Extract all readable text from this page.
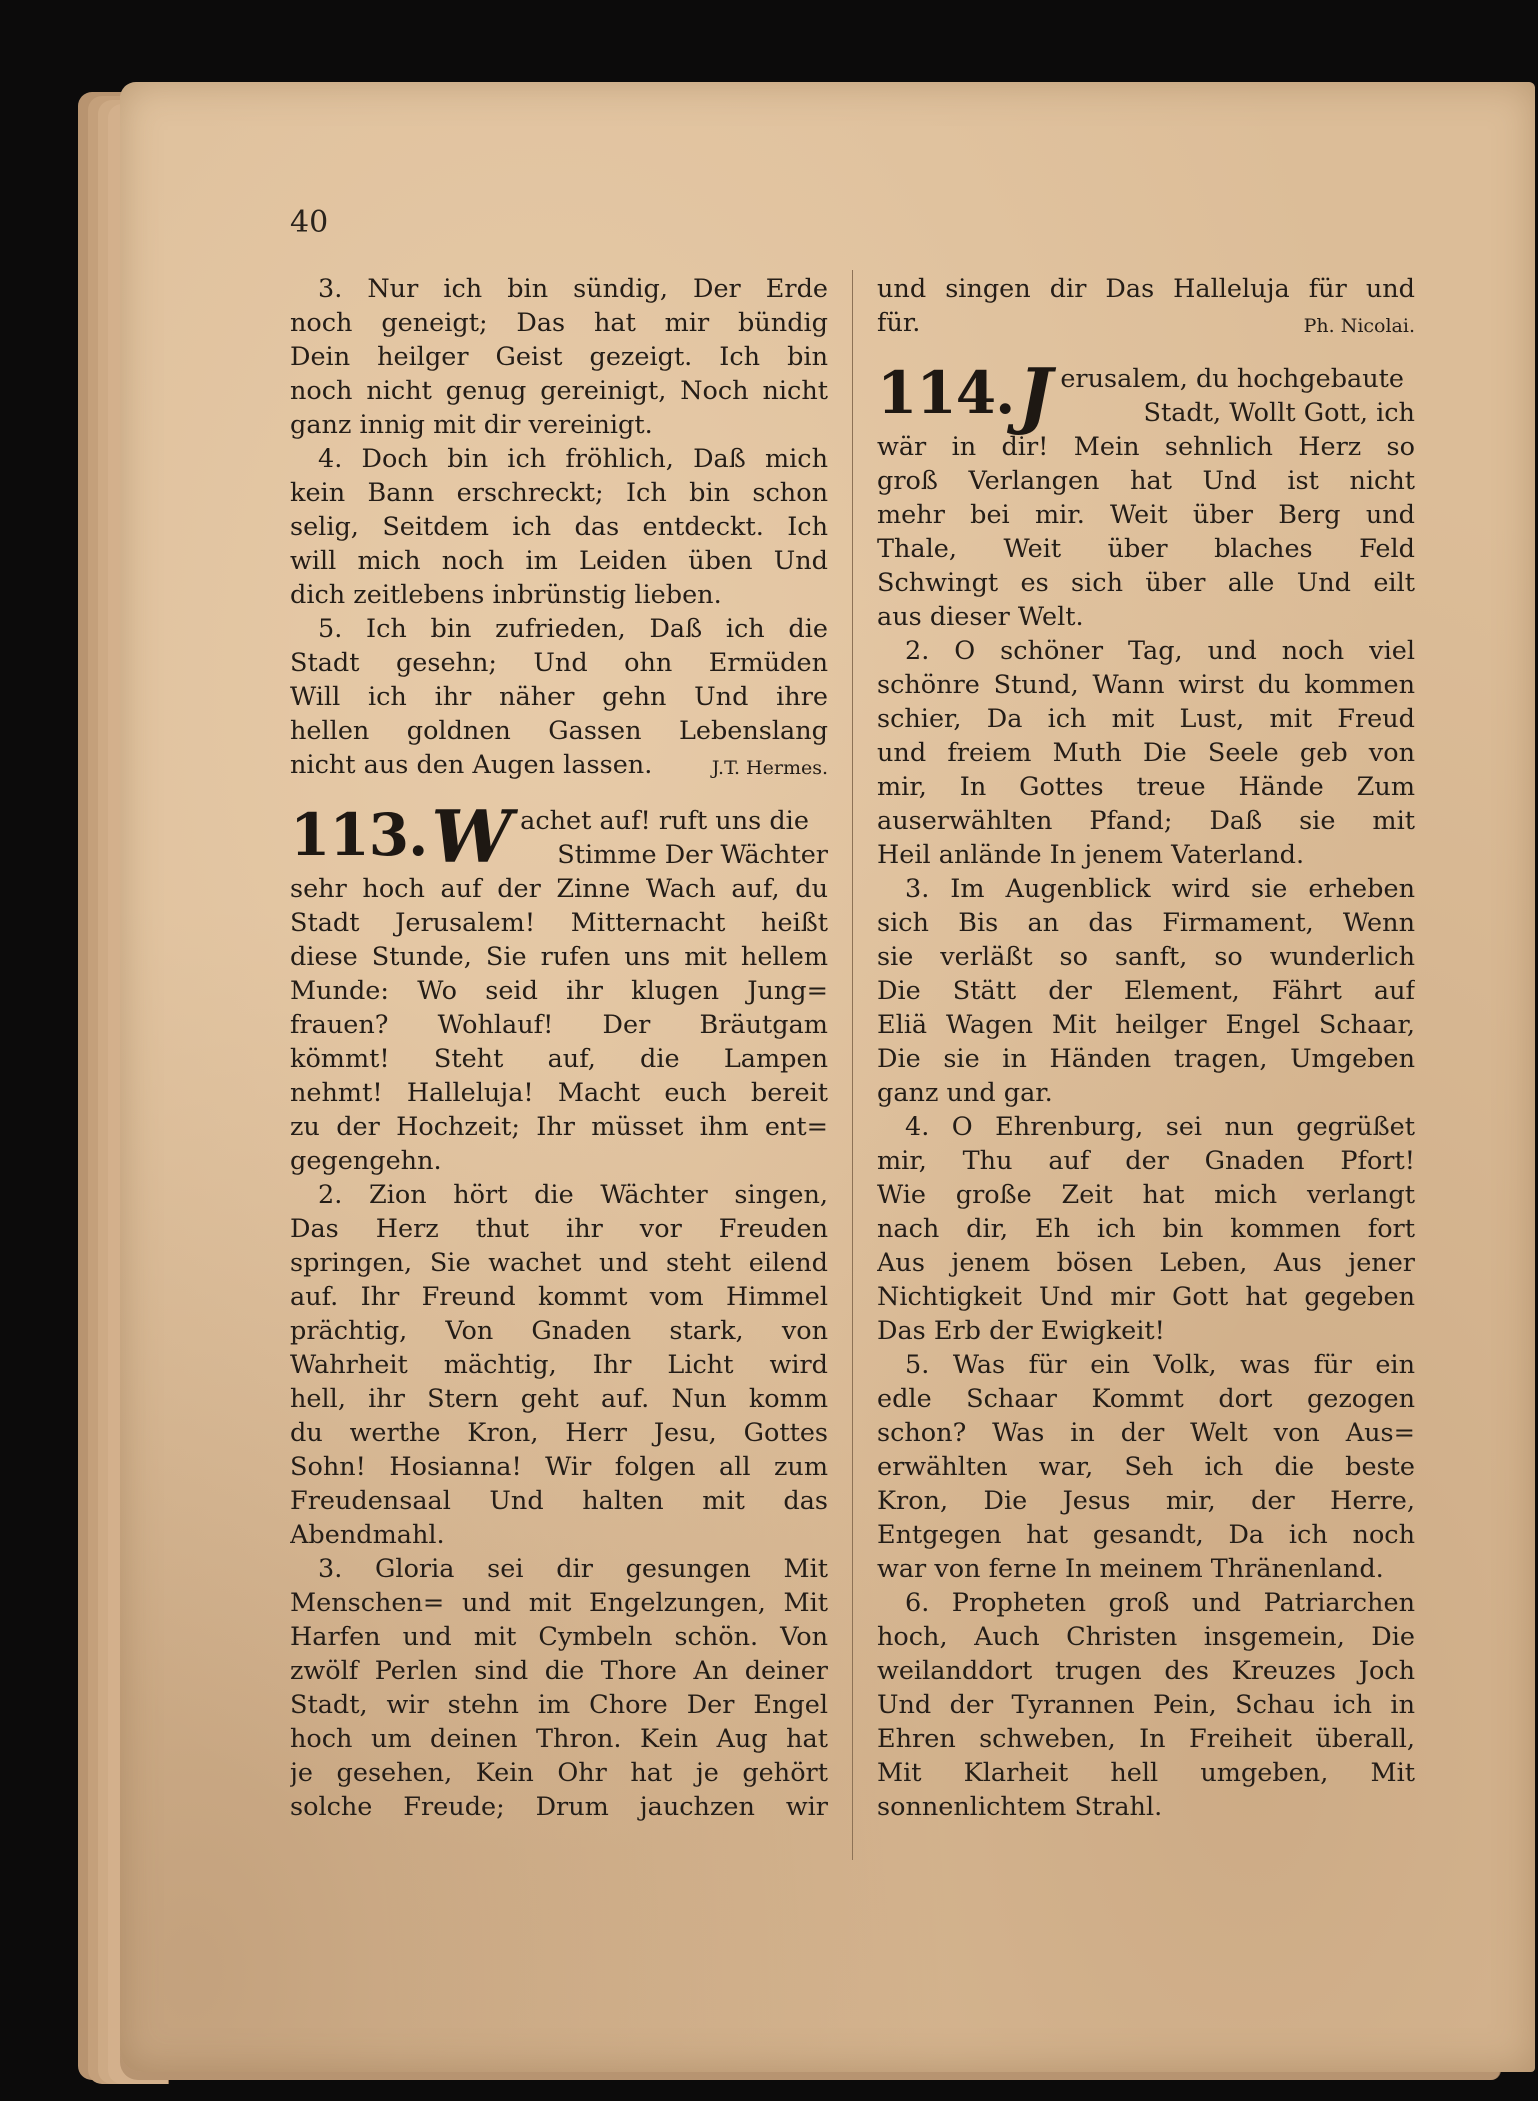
40
3. Nur ich bin sündig, Der Erde
noch geneigt; Das hat mir bündig
Dein heilger Geist gezeigt. Ich bin
noch nicht genug gereinigt, Noch nicht
ganz innig mit dir vereinigt.
4. Doch bin ich fröhlich, Daß mich
kein Bann erschreckt; Ich bin schon
selig, Seitdem ich das entdeckt. Ich
will mich noch im Leiden üben Und
dich zeitlebens inbrünstig lieben.
5. Ich bin zufrieden, Daß ich die
Stadt gesehn; Und ohn Ermüden
Will ich ihr näher gehn Und ihre
hellen goldnen Gassen Lebenslang
nicht aus den Augen lassen.	J.T. Hermes.
113. W achet auf! ruft uns die
Stimme Der Wächter
sehr hoch auf der Zinne Wach auf, du
Stadt Jerusalem! Mitternacht heißt
diese Stunde, Sie rufen uns mit hellem
Munde: Wo seid ihr klugen Jung=
frauen? Wohlauf! Der Bräutgam
kömmt! Steht auf, die Lampen
nehmt! Halleluja! Macht euch bereit
zu der Hochzeit; Ihr müsset ihm ent=
gegengehn.
2. Zion hört die Wächter singen,
Das Herz thut ihr vor Freuden
springen, Sie wachet und steht eilend
auf. Ihr Freund kommt vom Himmel
prächtig, Von Gnaden stark, von
Wahrheit mächtig, Ihr Licht wird
hell, ihr Stern geht auf. Nun komm
du werthe Kron, Herr Jesu, Gottes
Sohn! Hosianna! Wir folgen all zum
Freudensaal Und halten mit das
Abendmahl.
3. Gloria sei dir gesungen Mit
Menschen= und mit Engelzungen, Mit
Harfen und mit Cymbeln schön. Von
zwölf Perlen sind die Thore An deiner
Stadt, wir stehn im Chore Der Engel
hoch um deinen Thron. Kein Aug hat
je gesehen, Kein Ohr hat je gehört
solche Freude; Drum jauchzen wir
und singen dir Das Halleluja für und
für.	Ph. Nicolai.
114. J erusalem, du hochgebaute
Stadt, Wollt Gott, ich
wär in dir! Mein sehnlich Herz so
groß Verlangen hat Und ist nicht
mehr bei mir. Weit über Berg und
Thale, Weit über blaches Feld
Schwingt es sich über alle Und eilt
aus dieser Welt.
2. O schöner Tag, und noch viel
schönre Stund, Wann wirst du kommen
schier, Da ich mit Lust, mit Freud
und freiem Muth Die Seele geb von
mir, In Gottes treue Hände Zum
auserwählten Pfand; Daß sie mit
Heil anlände In jenem Vaterland.
3. Im Augenblick wird sie erheben
sich Bis an das Firmament, Wenn
sie verläßt so sanft, so wunderlich
Die Stätt der Element, Fährt auf
Eliä Wagen Mit heilger Engel Schaar,
Die sie in Händen tragen, Umgeben
ganz und gar.
4. O Ehrenburg, sei nun gegrüßet
mir, Thu auf der Gnaden Pfort!
Wie große Zeit hat mich verlangt
nach dir, Eh ich bin kommen fort
Aus jenem bösen Leben, Aus jener
Nichtigkeit Und mir Gott hat gegeben
Das Erb der Ewigkeit!
5. Was für ein Volk, was für ein
edle Schaar Kommt dort gezogen
schon? Was in der Welt von Aus=
erwählten war, Seh ich die beste
Kron, Die Jesus mir, der Herre,
Entgegen hat gesandt, Da ich noch
war von ferne In meinem Thränenland.
6. Propheten groß und Patriarchen
hoch, Auch Christen insgemein, Die
weilanddort trugen des Kreuzes Joch
Und der Tyrannen Pein, Schau ich in
Ehren schweben, In Freiheit überall,
Mit Klarheit hell umgeben, Mit
sonnenlichtem Strahl.
